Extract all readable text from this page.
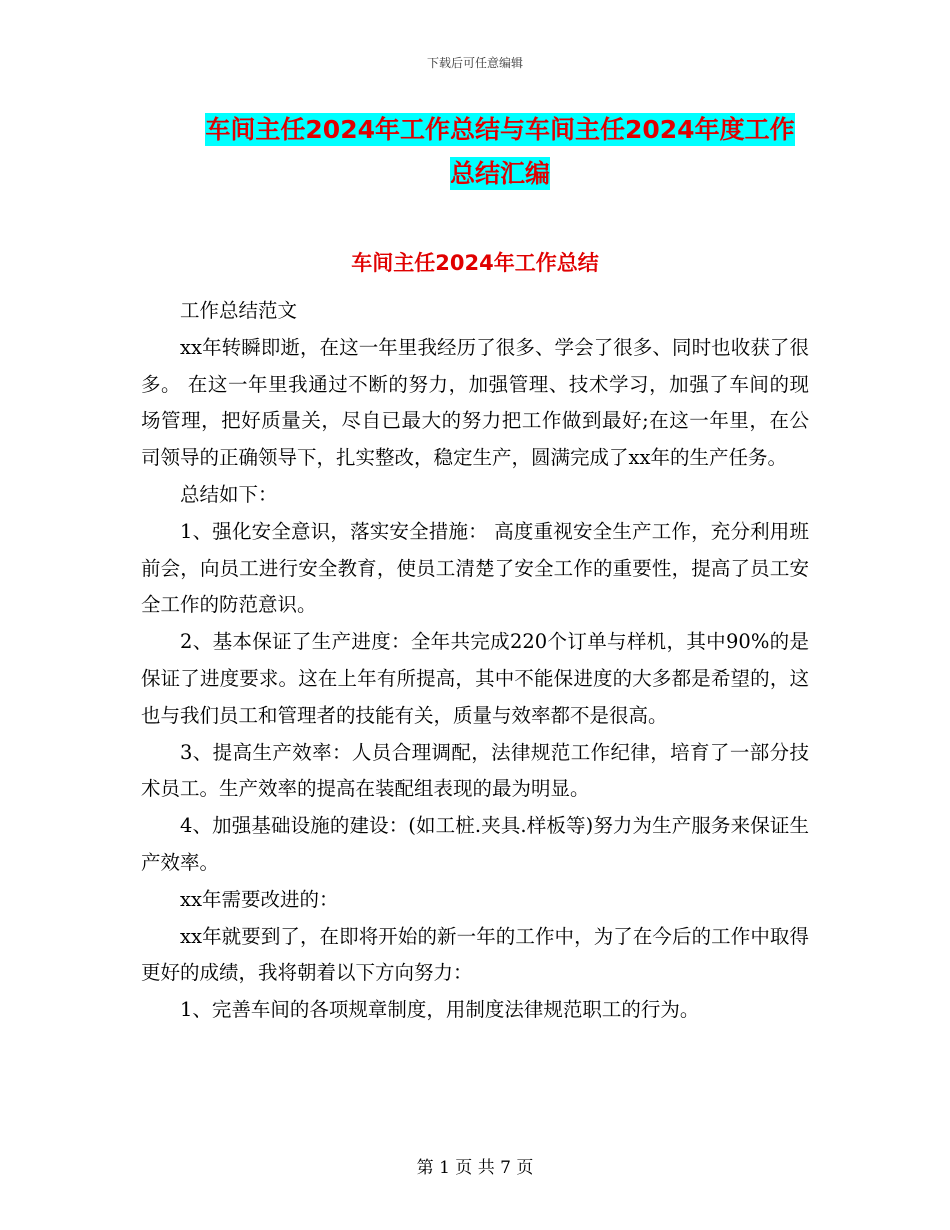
下载后可任意编辑
车间主任2024年工作总结与车间主任2024年度工作总结汇编
车间主任2024年工作总结

工作总结范文

xx年转瞬即逝，在这一年里我经历了很多、学会了很多、同时也收获了很多。 在这一年里我通过不断的努力，加强管理、技术学习，加强了车间的现场管理，把好质量关，尽自已最大的努力把工作做到最好;在这一年里，在公司领导的正确领导下，扎实整改，稳定生产，圆满完成了xx年的生产任务。

总结如下：

1、强化安全意识，落实安全措施： 高度重视安全生产工作，充分利用班前会，向员工进行安全教育，使员工清楚了安全工作的重要性，提高了员工安全工作的防范意识。

2、基本保证了生产进度：全年共完成220个订单与样机，其中90%的是保证了进度要求。这在上年有所提高，其中不能保进度的大多都是希望的，这也与我们员工和管理者的技能有关，质量与效率都不是很高。

3、提高生产效率：人员合理调配，法律规范工作纪律，培育了一部分技术员工。生产效率的提高在装配组表现的最为明显。

4、加强基础设施的建设：(如工桩.夹具.样板等)努力为生产服务来保证生产效率。

xx年需要改进的：

xx年就要到了，在即将开始的新一年的工作中，为了在今后的工作中取得更好的成绩，我将朝着以下方向努力：

1、完善车间的各项规章制度，用制度法律规范职工的行为。

第 1 页 共 7 页
